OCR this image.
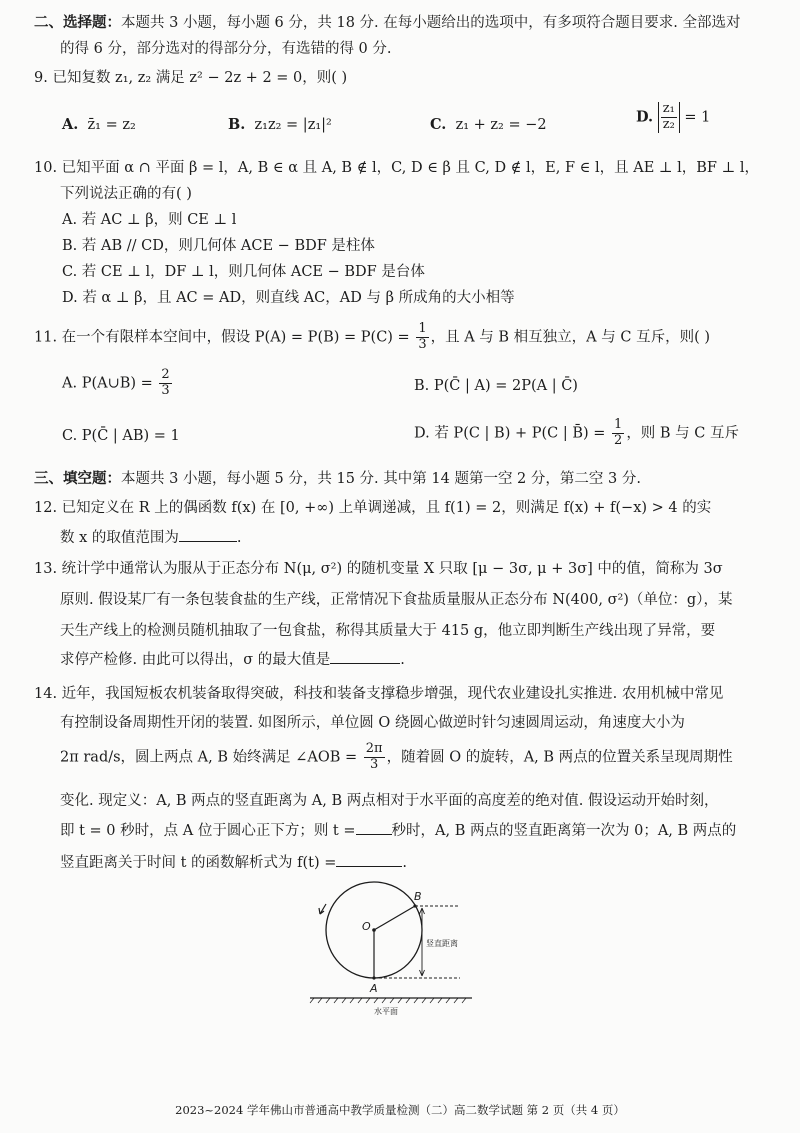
二、选择题：本题共 3 小题，每小题 6 分，共 18 分. 在每小题给出的选项中，有多项符合题目要求. 全部选对
的得 6 分，部分选对的得部分分，有选错的得 0 分.
9. 已知复数 z₁, z₂ 满足 z² − 2z + 2 = 0，则( )
A. z̄₁ = z₂	B. z₁z₂ = |z₁|²	C. z₁ + z₂ = −2	D. $\frac{\text{z₁}}{\text{z₂}} = 1$
10. 已知平面 α ∩ 平面 β = l，A, B ∈ α 且 A, B ∉ l，C, D ∈ β 且 C, D ∉ l，E, F ∈ l，且 AE ⊥ l，BF ⊥ l，
下列说法正确的有( )
A. 若 AC ⊥ β，则 CE ⊥ l
B. 若 AB // CD，则几何体 ACE − BDF 是柱体
C. 若 CE ⊥ l，DF ⊥ l，则几何体 ACE − BDF 是台体
D. 若 α ⊥ β，且 AC = AD，则直线 AC，AD 与 β 所成角的大小相等
11. 在一个有限样本空间中，假设 $P(A) = P(B) = P(C) = \frac{1}{3}$ ，且 A 与 B 相互独立，A 与 C 互斥，则( )
A. P(A∪B) = $\frac{2}{3}$	B. P(C̄ | A) = 2P(A | C̄)
C. P(C̄ | AB) = 1	D. 若 P(C | B) + P(C | B̄) = $\frac{1}{2}$ ，则 B 与 C 互斥
三、填空题：本题共 3 小题，每小题 5 分，共 15 分. 其中第 14 题第一空 2 分，第二空 3 分.
12. 已知定义在 R 上的偶函数 f(x) 在 [0, +∞) 上单调递减，且 f(1) = 2，则满足 f(x) + f(−x) > 4 的实
数 x 的取值范围为	.
13. 统计学中通常认为服从于正态分布 N(μ, σ²) 的随机变量 X 只取 [μ − 3σ, μ + 3σ] 中的值，简称为 3σ
原则. 假设某厂有一条包装食盐的生产线，正常情况下食盐质量服从正态分布 N(400, σ²)（单位：g），某
天生产线上的检测员随机抽取了一包食盐，称得其质量大于 415 g，他立即判断生产线出现了异常，要
求停产检修. 由此可以得出，σ 的最大值是	.
14. 近年，我国短板农机装备取得突破，科技和装备支撑稳步增强，现代农业建设扎实推进. 农用机械中常见
有控制设备周期性开闭的装置. 如图所示，单位圆 O 绕圆心做逆时针匀速圆周运动，角速度大小为
2π rad/s，圆上两点 A, B 始终满足 ∠AOB = $\frac{2\pi}{3}$ ，随着圆 O 的旋转，A, B 两点的位置关系呈现周期性
变化. 现定义：A, B 两点的竖直距离为 A, B 两点相对于水平面的高度差的绝对值. 假设运动开始时刻，
即 t = 0 秒时，点 A 位于圆心正下方；则 t = 秒时，A, B 两点的竖直距离第一次为 0；A, B 两点的
竖直距离关于时间 t 的函数解析式为 f(t) =	.
B
O
A
竖直距离
水平面
2023~2024 学年佛山市普通高中教学质量检测（二）高二数学试题 第 2 页（共 4 页）
